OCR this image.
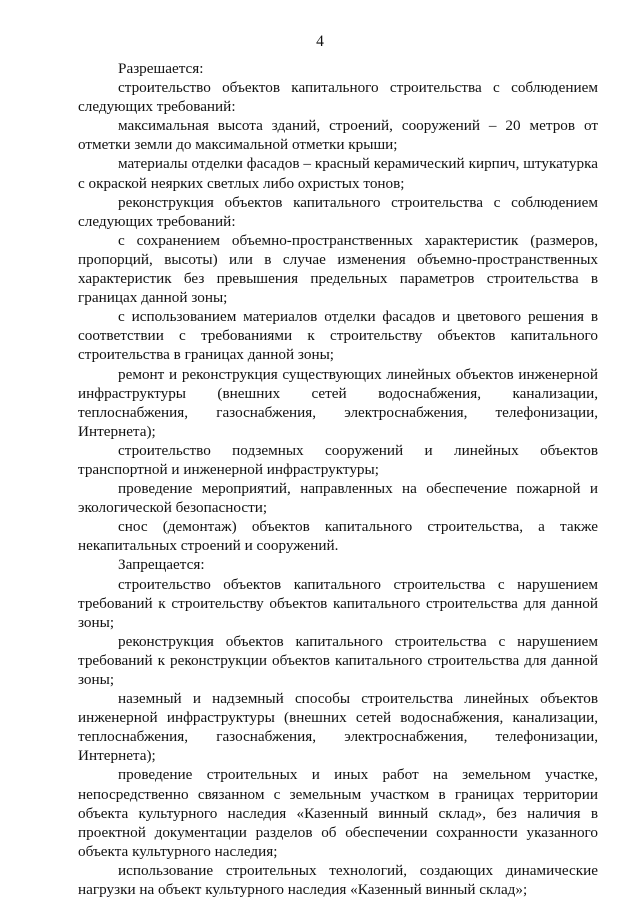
4

Разрешается:

строительство объектов капитального строительства с соблюдением следующих требований:

максимальная высота зданий, строений, сооружений – 20 метров от отметки земли до максимальной отметки крыши;

материалы отделки фасадов – красный керамический кирпич, штукатурка с окраской неярких светлых либо охристых тонов;

реконструкция объектов капитального строительства с соблюдением следующих требований:

с сохранением объемно-пространственных характеристик (размеров, пропорций, высоты) или в случае изменения объемно-пространственных характеристик без превышения предельных параметров строительства в границах данной зоны;

с использованием материалов отделки фасадов и цветового решения в соответствии с требованиями к строительству объектов капитального строительства в границах данной зоны;

ремонт и реконструкция существующих линейных объектов инженерной инфраструктуры (внешних сетей водоснабжения, канализации, теплоснабжения, газоснабжения, электроснабжения, телефонизации, Интернета);

строительство подземных сооружений и линейных объектов транспортной и инженерной инфраструктуры;

проведение мероприятий, направленных на обеспечение пожарной и экологической безопасности;

снос (демонтаж) объектов капитального строительства, а также некапитальных строений и сооружений.

Запрещается:

строительство объектов капитального строительства с нарушением требований к строительству объектов капитального строительства для данной зоны;

реконструкция объектов капитального строительства с нарушением требований к реконструкции объектов капитального строительства для данной зоны;

наземный и надземный способы строительства линейных объектов инженерной инфраструктуры (внешних сетей водоснабжения, канализации, теплоснабжения, газоснабжения, электроснабжения, телефонизации, Интернета);

проведение строительных и иных работ на земельном участке, непосредственно связанном с земельным участком в границах территории объекта культурного наследия «Казенный винный склад», без наличия в проектной документации разделов об обеспечении сохранности указанного объекта культурного наследия;

использование строительных технологий, создающих динамические нагрузки на объект культурного наследия «Казенный винный склад»;
